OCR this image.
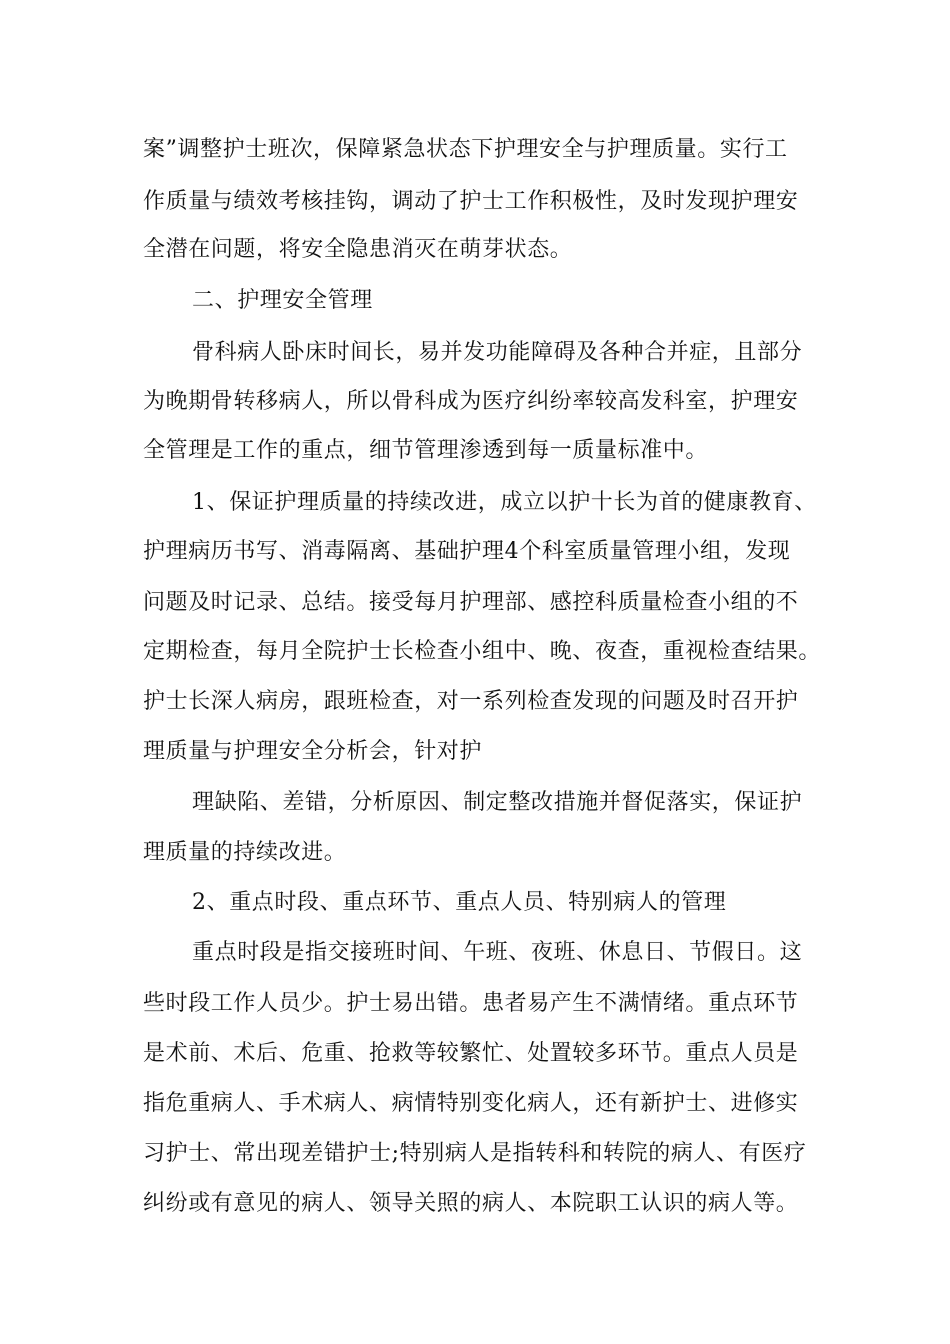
案”调整护士班次，保障紧急状态下护理安全与护理质量。实行工
作质量与绩效考核挂钩，调动了护士工作积极性，及时发现护理安
全潜在问题，将安全隐患消灭在萌芽状态。
二、护理安全管理
骨科病人卧床时间长，易并发功能障碍及各种合并症，且部分
为晚期骨转移病人，所以骨科成为医疗纠纷率较高发科室，护理安
全管理是工作的重点，细节管理渗透到每一质量标准中。
1、保证护理质量的持续改进，成立以护十长为首的健康教育、
护理病历书写、消毒隔离、基础护理4个科室质量管理小组，发现
问题及时记录、总结。接受每月护理部、感控科质量检查小组的不
定期检查，每月全院护士长检查小组中、晚、夜查，重视检查结果。
护士长深人病房，跟班检查，对一系列检查发现的问题及时召开护
理质量与护理安全分析会，针对护
理缺陷、差错，分析原因、制定整改措施并督促落实，保证护
理质量的持续改进。
2、重点时段、重点环节、重点人员、特别病人的管理
重点时段是指交接班时间、午班、夜班、休息日、节假日。这
些时段工作人员少。护士易出错。患者易产生不满情绪。重点环节
是术前、术后、危重、抢救等较繁忙、处置较多环节。重点人员是
指危重病人、手术病人、病情特别变化病人，还有新护士、进修实
习护士、常出现差错护士;特别病人是指转科和转院的病人、有医疗
纠纷或有意见的病人、领导关照的病人、本院职工认识的病人等。
